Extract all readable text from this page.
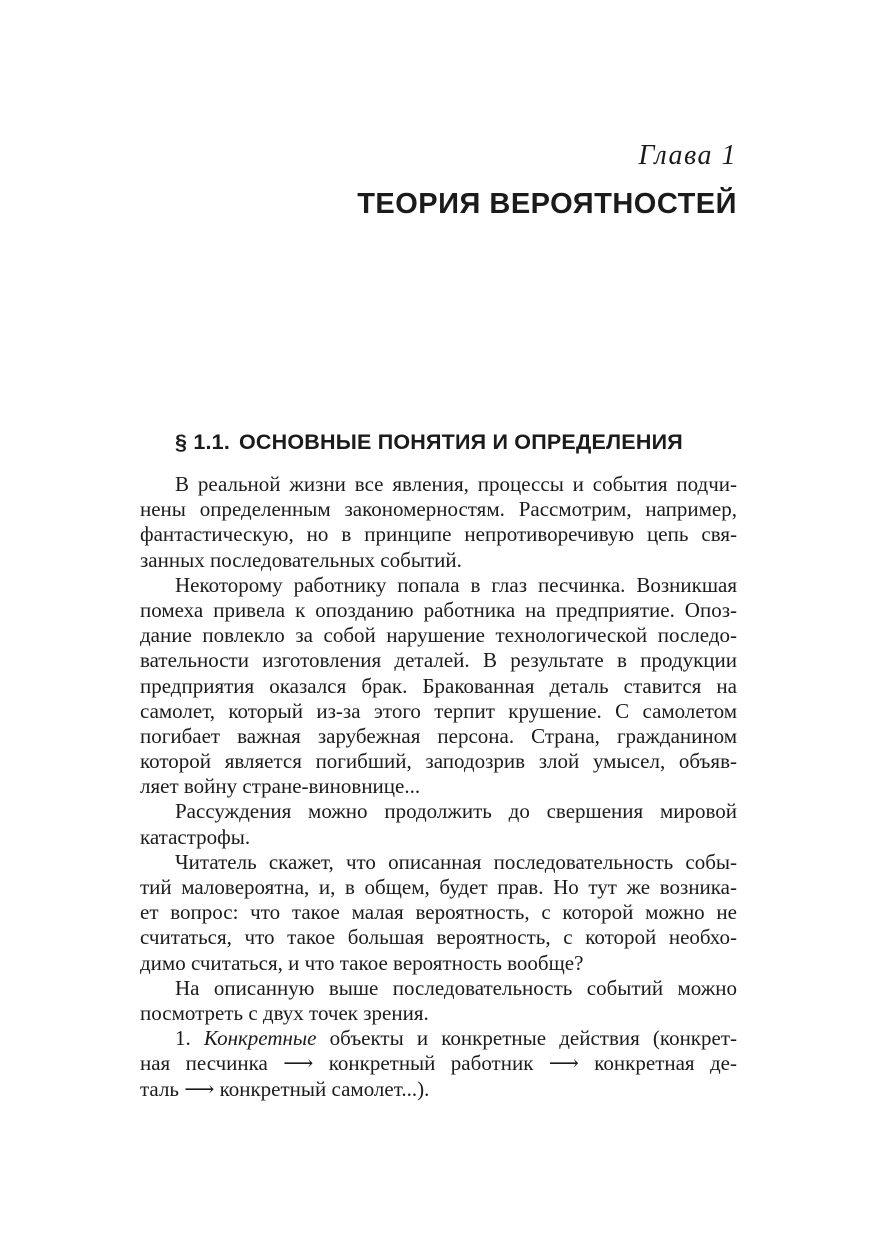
Глава 1
ТЕОРИЯ ВЕРОЯТНОСТЕЙ
§ 1.1. ОСНОВНЫЕ ПОНЯТИЯ И ОПРЕДЕЛЕНИЯ
В реальной жизни все явления, процессы и события подчи-
нены определенным закономерностям. Рассмотрим, например,
фантастическую, но в принципе непротиворечивую цепь свя-
занных последовательных событий.
Некоторому работнику попала в глаз песчинка. Возникшая
помеха привела к опозданию работника на предприятие. Опоз-
дание повлекло за собой нарушение технологической последо-
вательности изготовления деталей. В результате в продукции
предприятия оказался брак. Бракованная деталь ставится на
самолет, который из-за этого терпит крушение. С самолетом
погибает важная зарубежная персона. Страна, гражданином
которой является погибший, заподозрив злой умысел, объяв-
ляет войну стране-виновнице...
Рассуждения можно продолжить до свершения мировой
катастрофы.
Читатель скажет, что описанная последовательность собы-
тий маловероятна, и, в общем, будет прав. Но тут же возника-
ет вопрос: что такое малая вероятность, с которой можно не
считаться, что такое большая вероятность, с которой необхо-
димо считаться, и что такое вероятность вообще?
На описанную выше последовательность событий можно
посмотреть с двух точек зрения.
1. Конкретные объекты и конкретные действия (конкрет-
ная песчинка ⟶ конкретный работник ⟶ конкретная де-
таль ⟶ конкретный самолет...).
